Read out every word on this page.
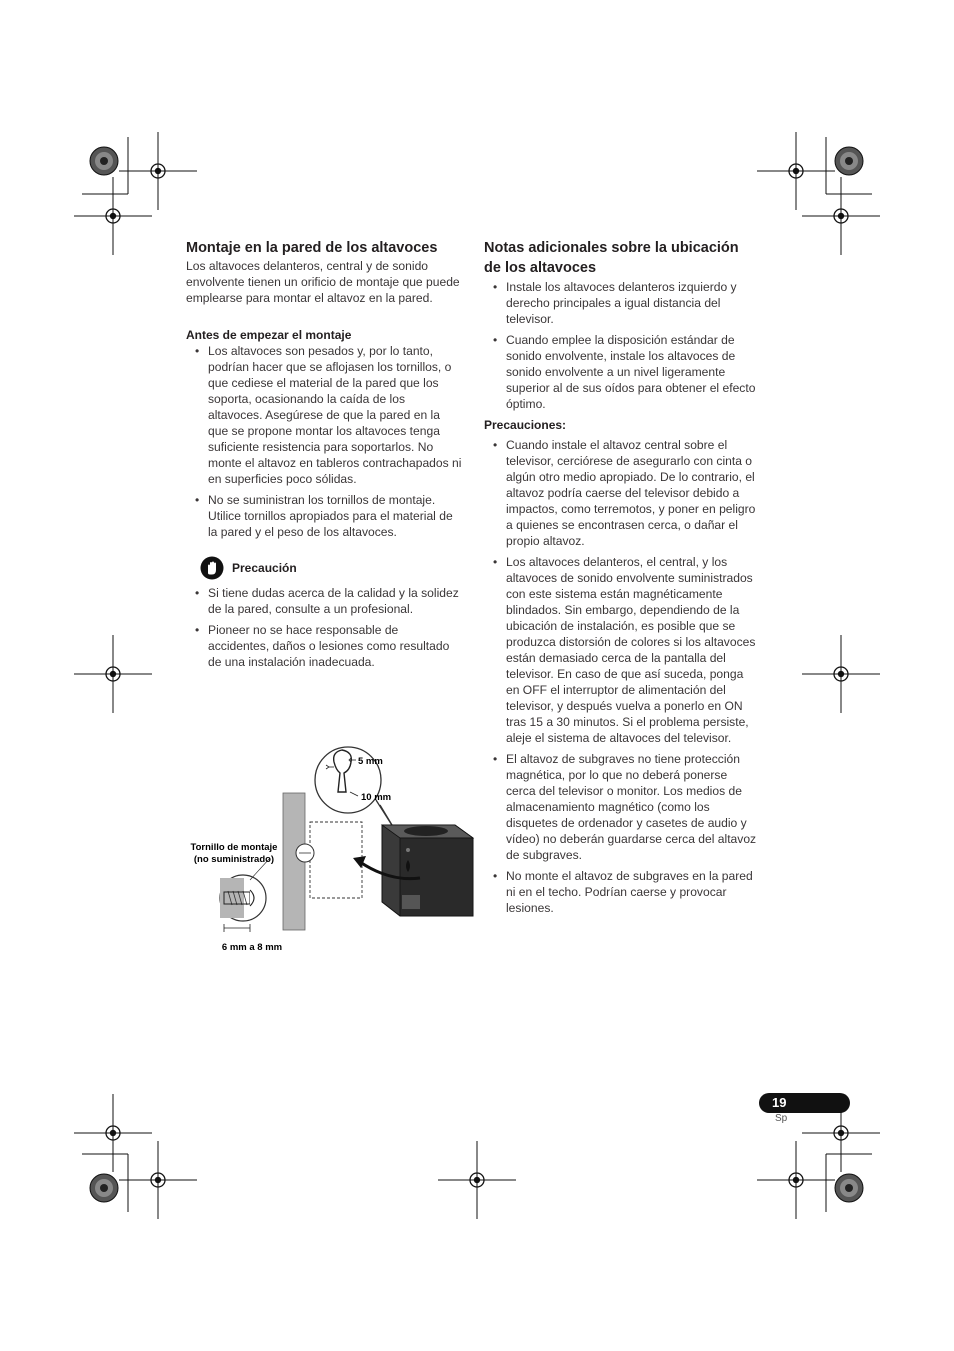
Montaje en la pared de los altavoces

Los altavoces delanteros, central y de sonido envolvente tienen un orificio de montaje que puede emplearse para montar el altavoz en la pared.

Antes de empezar el montaje
• Los altavoces son pesados y, por lo tanto, podrían hacer que se aflojasen los tornillos, o que cediese el material de la pared que los soporta, ocasionando la caída de los altavoces. Asegúrese de que la pared en la que se propone montar los altavoces tenga suficiente resistencia para soportarlos. No monte el altavoz en tableros contrachapados ni en superficies poco sólidas.
• No se suministran los tornillos de montaje. Utilice tornillos apropiados para el material de la pared y el peso de los altavoces.
Precaución
• Si tiene dudas acerca de la calidad y la solidez de la pared, consulte a un profesional.
• Pioneer no se hace responsable de accidentes, daños o lesiones como resultado de una instalación inadecuada.
5 mm
10 mm
Tornillo de montaje
(no suministrado)
6 mm a 8 mm
Notas adicionales sobre la ubicación
de los altavoces
• Instale los altavoces delanteros izquierdo y derecho principales a igual distancia del televisor.
• Cuando emplee la disposición estándar de sonido envolvente, instale los altavoces de sonido envolvente a un nivel ligeramente superior al de sus oídos para obtener el efecto óptimo.
Precauciones:
• Cuando instale el altavoz central sobre el televisor, cerciórese de asegurarlo con cinta o algún otro medio apropiado. De lo contrario, el altavoz podría caerse del televisor debido a impactos, como terremotos, y poner en peligro a quienes se encontrasen cerca, o dañar el propio altavoz.
• Los altavoces delanteros, el central, y los altavoces de sonido envolvente suministrados con este sistema están magnéticamente blindados. Sin embargo, dependiendo de la ubicación de instalación, es posible que se produzca distorsión de colores si los altavoces están demasiado cerca de la pantalla del televisor. En caso de que así suceda, ponga en OFF el interruptor de alimentación del televisor, y después vuelva a ponerlo en ON tras 15 a 30 minutos. Si el problema persiste, aleje el sistema de altavoces del televisor.
• El altavoz de subgraves no tiene protección magnética, por lo que no deberá ponerse cerca del televisor o monitor. Los medios de almacenamiento magnético (como los disquetes de ordenador y casetes de audio y vídeo) no deberán guardarse cerca del altavoz de subgraves.
• No monte el altavoz de subgraves en la pared ni en el techo. Podrían caerse y provocar lesiones.
19
Sp
